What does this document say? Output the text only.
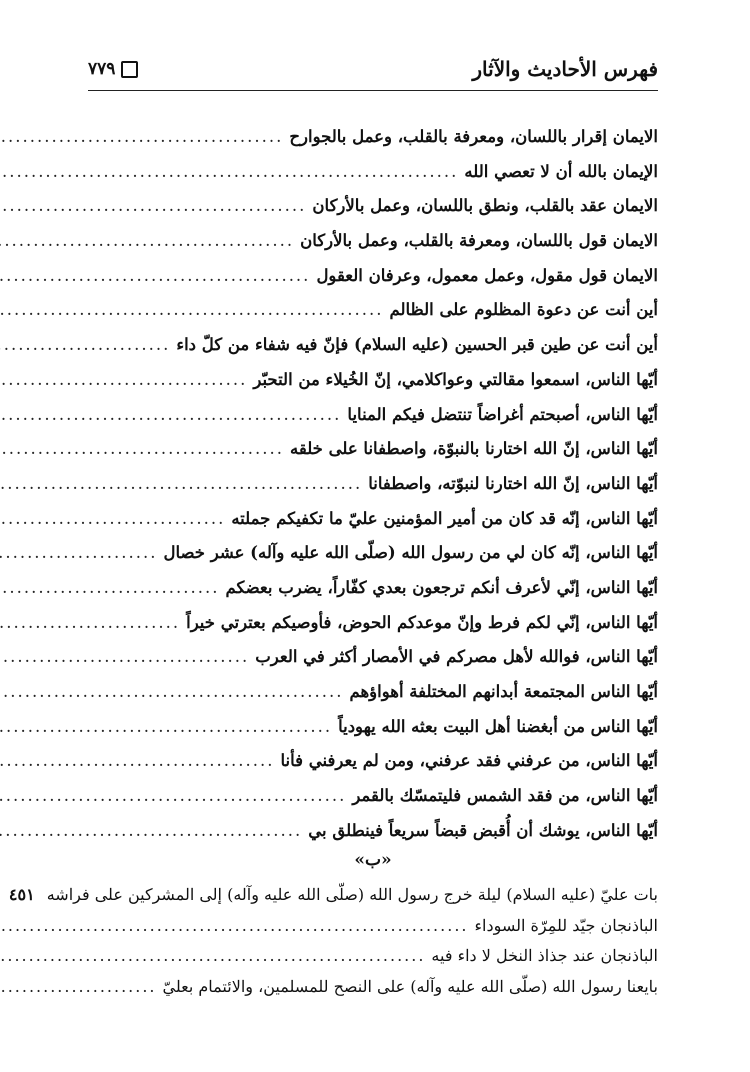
فهرس الأحاديث والآثار
٧٧٩
الايمان إقرار باللسان، ومعرفة بالقلب، وعمل بالجوارح
.....
الإيمان بالله أن لا تعصي الله
.....
الايمان عقد بالقلب، ونطق باللسان، وعمل بالأركان
.....
الايمان قول باللسان، ومعرفة بالقلب، وعمل بالأركان
.....
الايمان قول مقول، وعمل معمول، وعرفان العقول
.....
أين أنت عن دعوة المظلوم على الظالم
.....
أين أنت عن طين قبر الحسين (عليه السلام) فإنّ فيه شفاء من كلّ داء
.....
أيّها الناس، اسمعوا مقالتي وعواكلامي، إنّ الخُيلاء من التحبّر
.....
أيّها الناس، أصبحتم أغراضاً تنتضل فيكم المنايا
.....
أيّها الناس، إنّ الله اختارنا بالنبوّة، واصطفانا على خلقه
.....
أيّها الناس، إنّ الله اختارنا لنبوّته، واصطفانا
.....
أيّها الناس، إنّه قد كان من أمير المؤمنين عليّ ما تكفيكم جملته
.....
أيّها الناس، إنّه كان لي من رسول الله (صلّى الله عليه وآله) عشر خصال
.....
أيّها الناس، إنّي لأعرف أنكم ترجعون بعدي كفّاراً، يضرب بعضكم
.....
أيّها الناس، إنّي لكم فرط وإنّ موعدكم الحوض، فأوصيكم بعترتي خيراً
.....
أيّها الناس، فوالله لأهل مصركم في الأمصار أكثر في العرب
.....
أيّها الناس المجتمعة أبدانهم المختلفة أهواؤهم
.....
أيّها الناس من أبغضنا أهل البيت بعثه الله يهودياً
.....
أيّها الناس، من عرفني فقد عرفني، ومن لم يعرفني فأنا
.....
أيّها الناس، من فقد الشمس فليتمسّك بالقمر
.....
أيّها الناس، يوشك أن أُقبض قبضاً سريعاً فينطلق بي
.....
«ب»
بات عليّ (عليه السلام) ليلة خرج رسول الله (صلّى الله عليه وآله) إلى المشركين على فراشه
٤٥١
الباذنجان جيّد للمِرّة السوداء
.....
الباذنجان عند جذاذ النخل لا داء فيه
.....
بايعنا رسول الله (صلّى الله عليه وآله) على النصح للمسلمين، والائتمام بعليّ
.....
